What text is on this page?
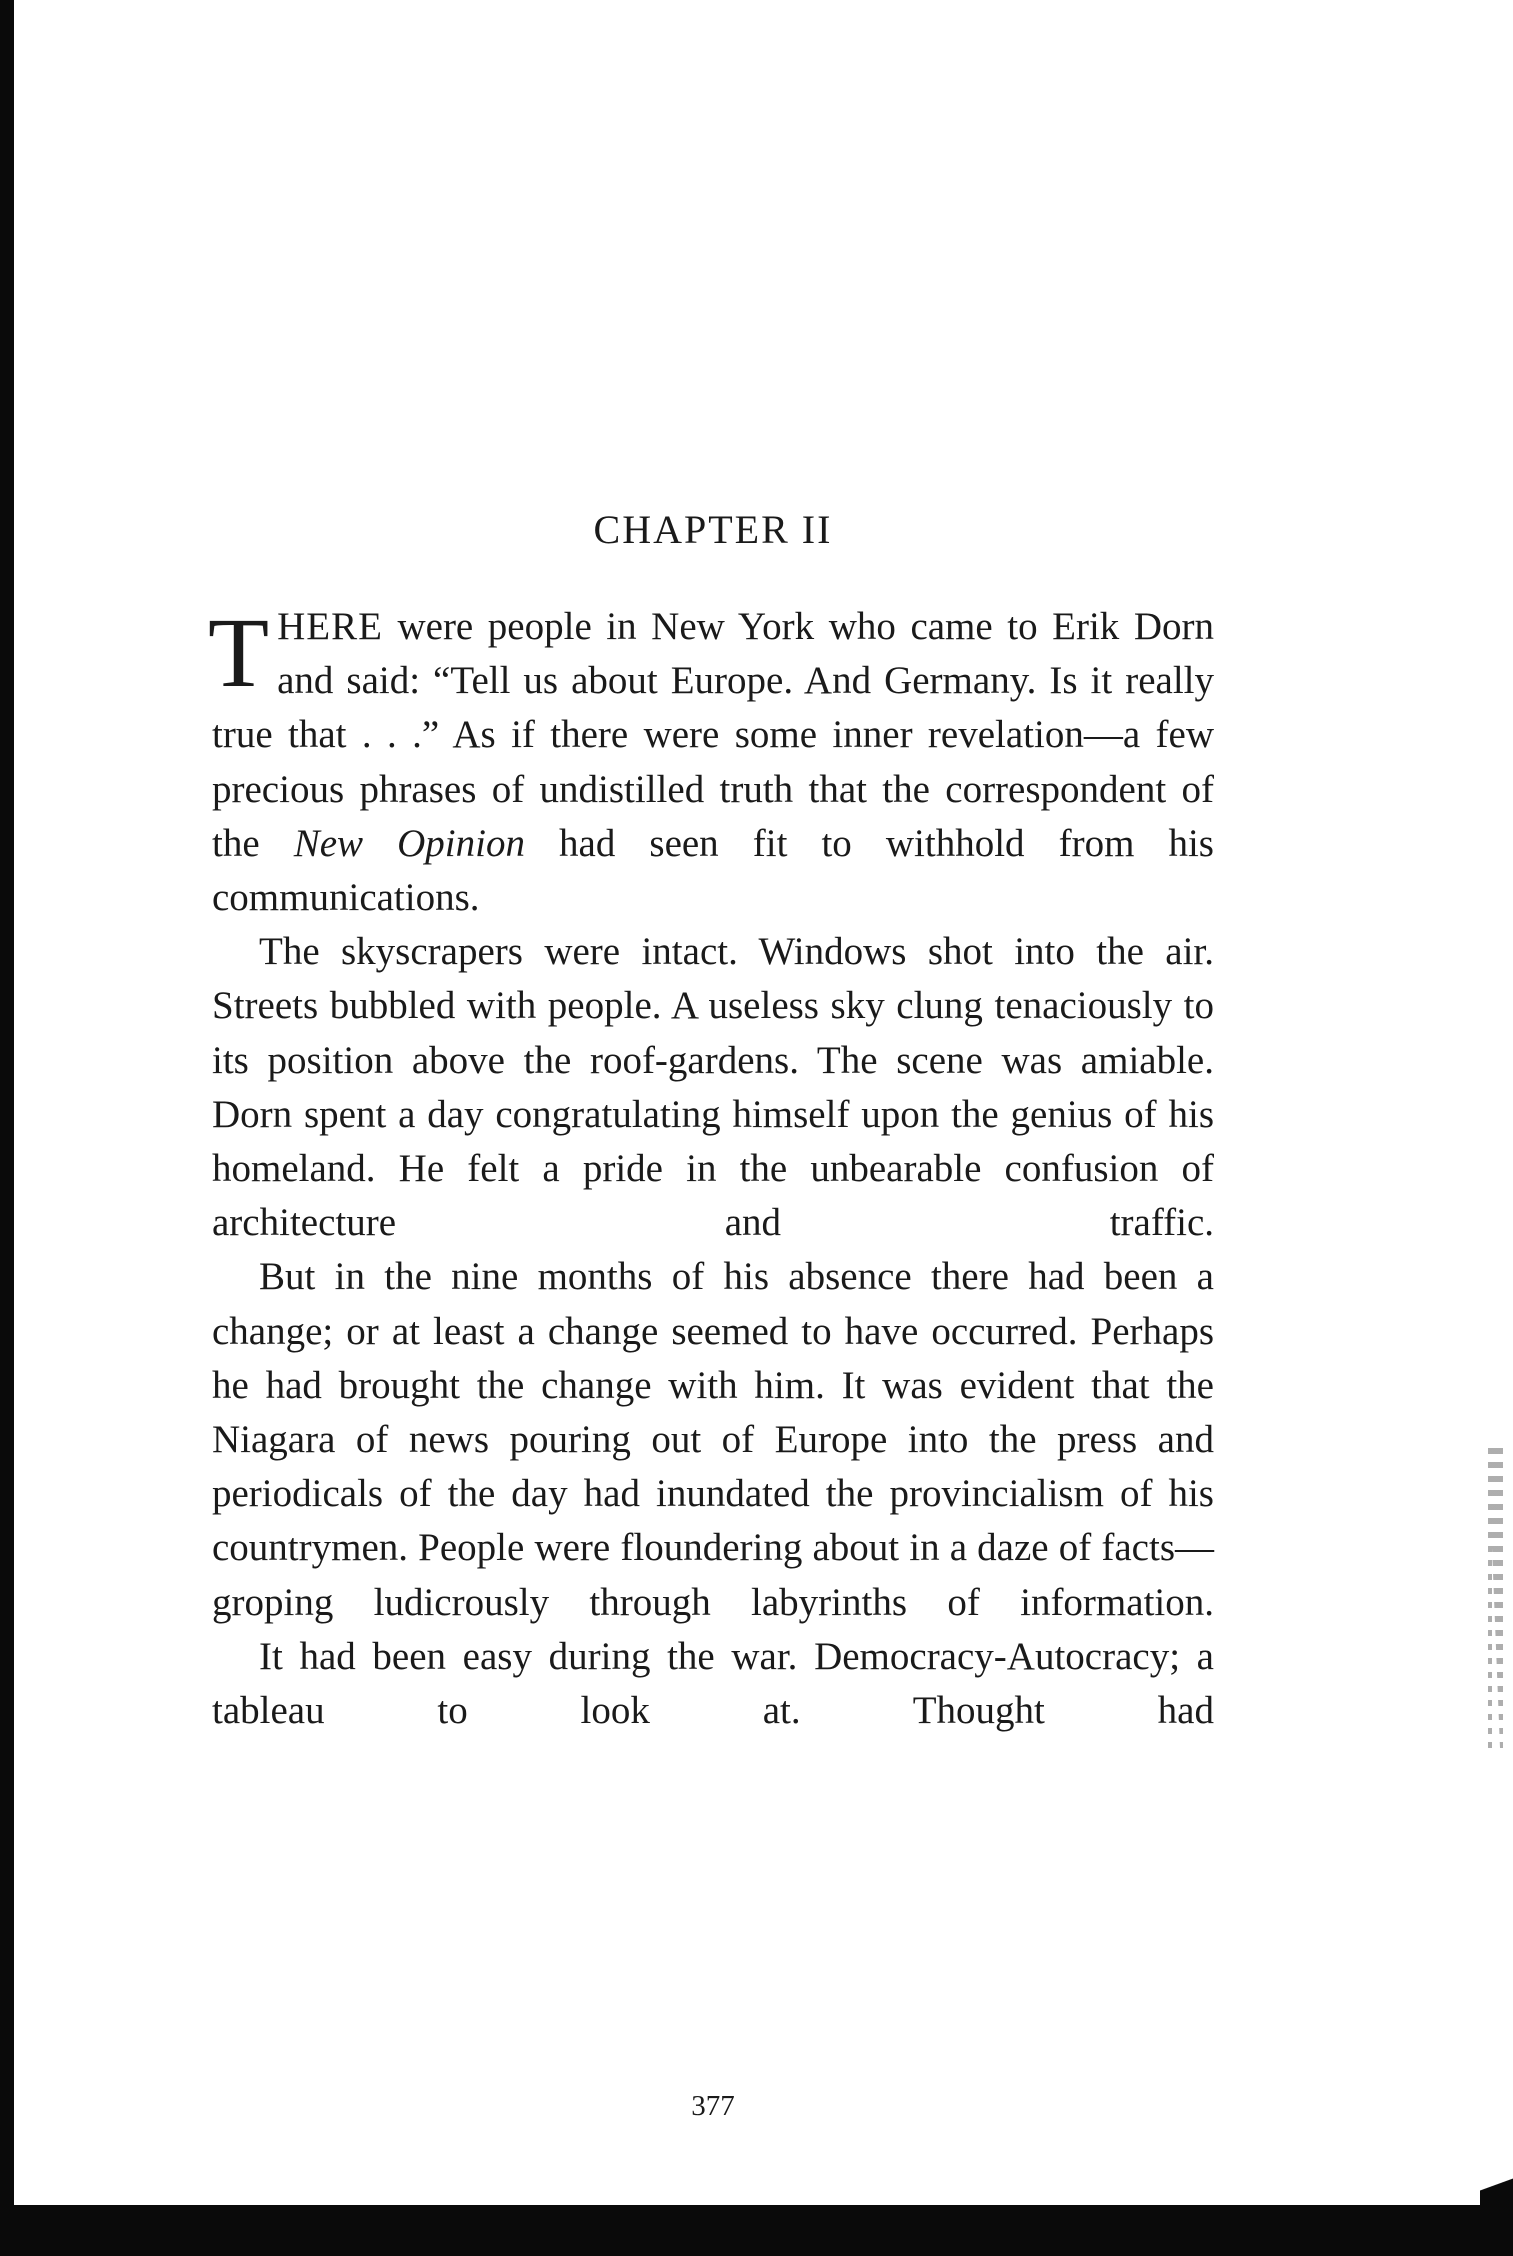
CHAPTER II

THERE were people in New York who came to Erik Dorn and said: “Tell us about Europe. And Germany. Is it really true that . . .” As if there were some inner revelation—a few precious phrases of undistilled truth that the correspondent of the New Opinion had seen fit to withhold from his communications.

The skyscrapers were intact. Windows shot into the air. Streets bubbled with people. A useless sky clung tenaciously to its position above the roof-gardens. The scene was amiable. Dorn spent a day congratulating himself upon the genius of his homeland. He felt a pride in the unbearable confusion of architecture and traffic.

But in the nine months of his absence there had been a change; or at least a change seemed to have occurred. Perhaps he had brought the change with him. It was evident that the Niagara of news pouring out of Europe into the press and periodicals of the day had inundated the provincialism of his countrymen. People were floundering about in a daze of facts—groping ludicrously through labyrinths of information.

It had been easy during the war. Democracy-Autocracy; a tableau to look at. Thought had

377
